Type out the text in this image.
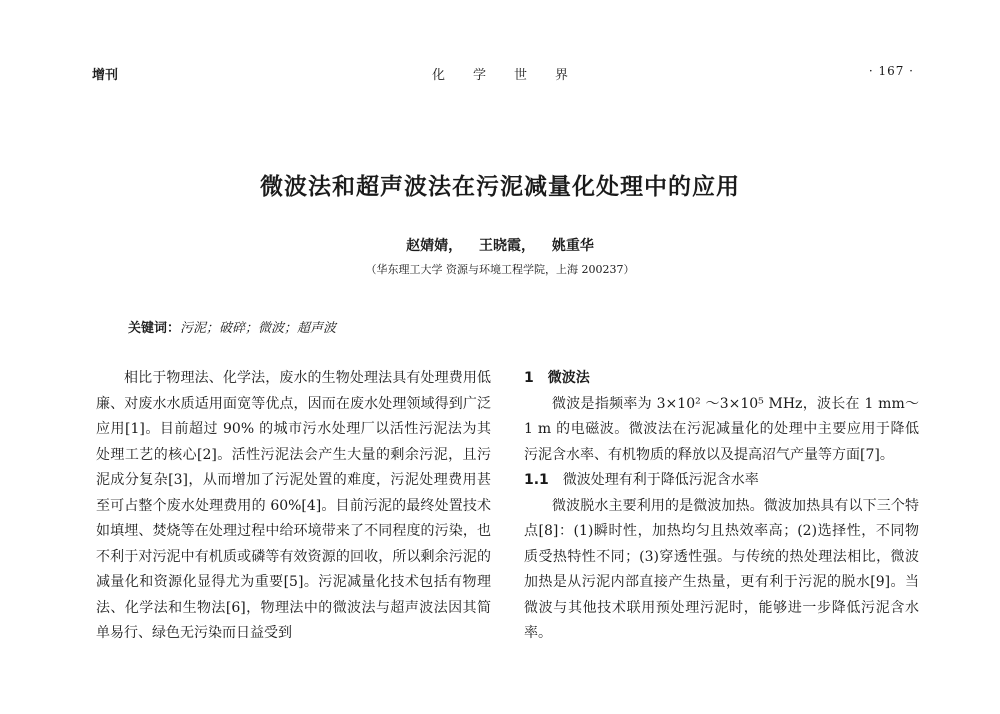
增刊	化学世界	· 167 ·
微波法和超声波法在污泥减量化处理中的应用
赵婧婧， 王晓霞， 姚重华
（华东理工大学 资源与环境工程学院，上海 200237）
关键词：污泥；破碎；微波；超声波

相比于物理法、化学法，废水的生物处理法具有处理费用低廉、对废水水质适用面宽等优点，因而在废水处理领域得到广泛应用[1]。目前超过 90% 的城市污水处理厂以活性污泥法为其处理工艺的核心[2]。活性污泥法会产生大量的剩余污泥，且污泥成分复杂[3]，从而增加了污泥处置的难度，污泥处理费用甚至可占整个废水处理费用的 60%[4]。目前污泥的最终处置技术如填埋、焚烧等在处理过程中给环境带来了不同程度的污染，也不利于对污泥中有机质或磷等有效资源的回收，所以剩余污泥的减量化和资源化显得尤为重要[5]。污泥减量化技术包括有物理法、化学法和生物法[6]，物理法中的微波法与超声波法因其简单易行、绿色无污染而日益受到

1 微波法

微波是指频率为 3×10² ～3×10⁵ MHz，波长在 1 mm～1 m 的电磁波。微波法在污泥减量化的处理中主要应用于降低污泥含水率、有机物质的释放以及提高沼气产量等方面[7]。

1.1 微波处理有利于降低污泥含水率

微波脱水主要利用的是微波加热。微波加热具有以下三个特点[8]：(1)瞬时性，加热均匀且热效率高；(2)选择性，不同物质受热特性不同；(3)穿透性强。与传统的热处理法相比，微波加热是从污泥内部直接产生热量，更有利于污泥的脱水[9]。当微波与其他技术联用预处理污泥时，能够进一步降低污泥含水率。
